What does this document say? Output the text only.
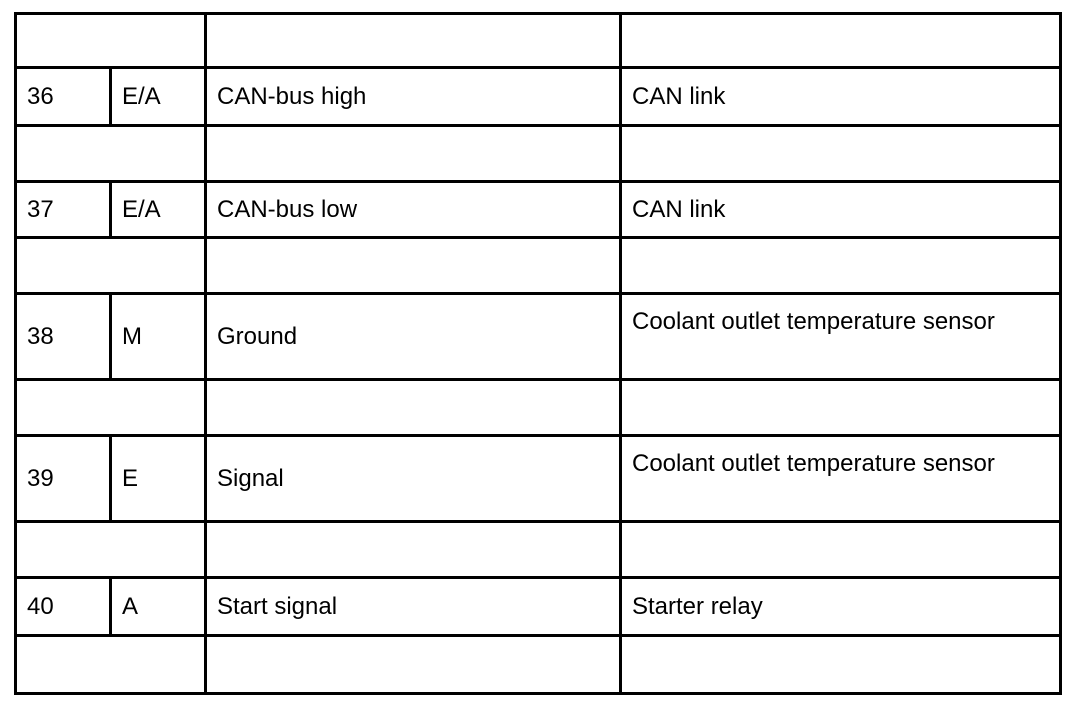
36	E/A	CAN-bus high	CAN link

37	E/A	CAN-bus low	CAN link

38	M	Ground	Coolant outlet temperature sensor

39	E	Signal	Coolant outlet temperature sensor

40	A	Start signal	Starter relay
